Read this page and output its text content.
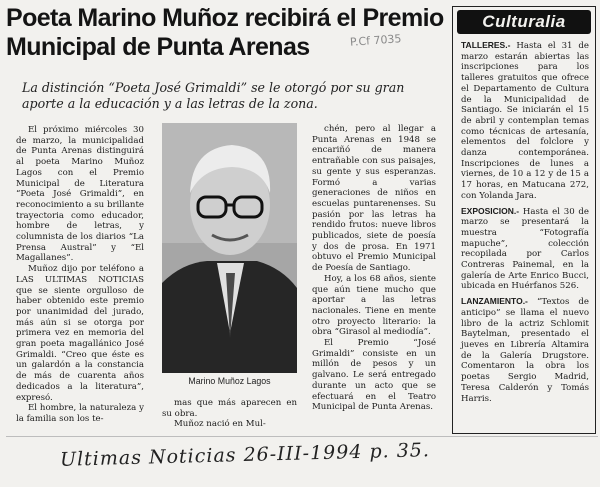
Poeta Marino Muñoz recibirá el Premio Municipal de Punta Arenas	P.Cf 7035
La distinción “Poeta José Grimaldi” se le otorgó por su gran aporte a la educación y a las letras de la zona.

El próximo miércoles 30 de marzo, la municipalidad de Punta Arenas distinguirá al poeta Marino Muñoz Lagos con el Premio Municipal de Literatura “Poeta José Grimaldi”, en reconocimiento a su brillante trayectoria como educador, hombre de letras, y columnista de los diarios “La Prensa Austral” y “El Magallanes”.

Muñoz dijo por teléfono a LAS ULTIMAS NOTICIAS que se siente orgulloso de haber obtenido este premio por unanimidad del jurado, más aún si se otorga por primera vez en memoria del gran poeta magallánico José Grimaldi. “Creo que éste es un galardón a la constancia de más de cuarenta años dedicados a la literatura”, expresó.

El hombre, la naturaleza y la familia son los te-

Marino Muñoz Lagos

mas que más aparecen en su obra.

Muñoz nació en Mul-

chén, pero al llegar a Punta Arenas en 1948 se encariñó de manera entrañable con sus paisajes, su gente y sus esperanzas. Formó a varias generaciones de niños en escuelas puntarenenses. Su pasión por las letras ha rendido frutos: nueve libros publicados, siete de poesía y dos de prosa. En 1971 obtuvo el Premio Municipal de Poesía de Santiago.

Hoy, a los 68 años, siente que aún tiene mucho que aportar a las letras nacionales. Tiene en mente otro proyecto literario: la obra “Girasol al mediodía”.

El Premio “José Grimaldi” consiste en un millón de pesos y un galvano. Le será entregado durante un acto que se efectuará en el Teatro Municipal de Punta Arenas.

Culturalia

TALLERES.- Hasta el 31 de marzo estarán abiertas las inscripciones para los talleres gratuitos que ofrece el Departamento de Cultura de la Municipalidad de Santiago. Se iniciarán el 15 de abril y contemplan temas como técnicas de artesanía, elementos del folclore y danza contemporánea. Inscripciones de lunes a viernes, de 10 a 12 y de 15 a 17 horas, en Matucana 272, con Yolanda Jara.

EXPOSICION.- Hasta el 30 de marzo se presentará la muestra “Fotografía mapuche”, colección recopilada por Carlos Contreras Painemal, en la galería de Arte Enrico Bucci, ubicada en Huérfanos 526.

LANZAMIENTO.- “Textos de anticipo” se llama el nuevo libro de la actriz Schlomit Baytelman, presentado el jueves en Librería Altamira de la Galería Drugstore. Comentaron la obra los poetas Sergio Madrid, Teresa Calderón y Tomás Harris.

Ultimas Noticias 26-III-1994 p. 35.
